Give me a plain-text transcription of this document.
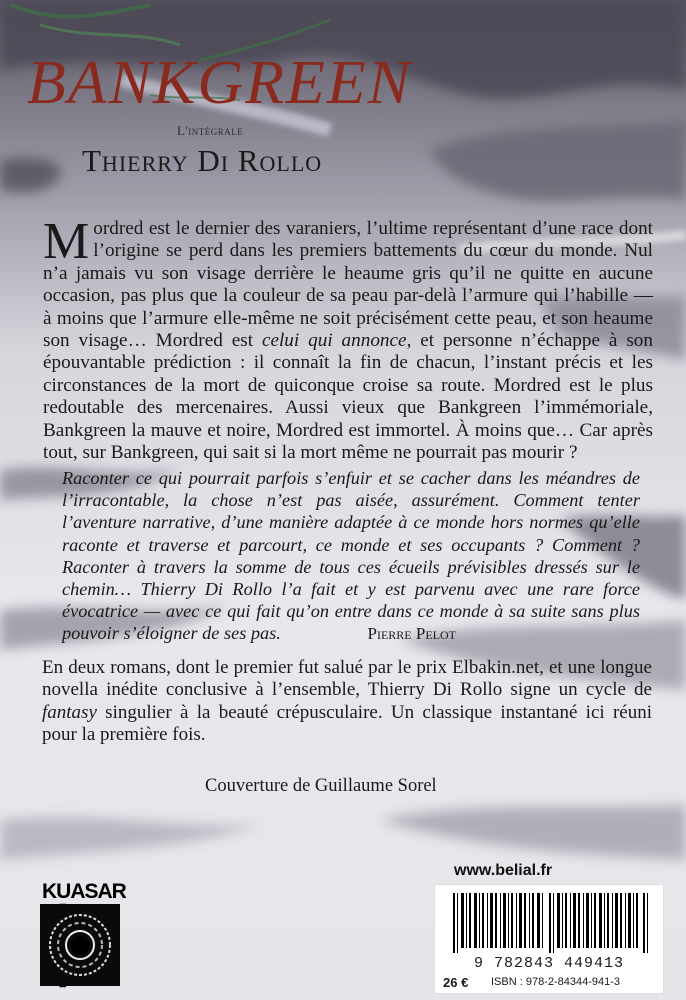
BANKGREEN
L'intégrale
Thierry Di Rollo
Mordred est le dernier des varaniers, l’ultime représentant d’une race dont l’origine se perd dans les premiers battements du cœur du monde. Nul n’a jamais vu son visage derrière le heaume gris qu’il ne quitte en aucune occasion, pas plus que la couleur de sa peau par-delà l’armure qui l’habille — à moins que l’armure elle-même ne soit précisément cette peau, et son heaume son visage… Mordred est celui qui annonce, et personne n’échappe à son épouvantable prédiction : il connaît la fin de chacun, l’instant précis et les circonstances de la mort de quiconque croise sa route. Mordred est le plus redoutable des mercenaires. Aussi vieux que Bankgreen l’immémoriale, Bankgreen la mauve et noire, Mordred est immortel. À moins que… Car après tout, sur Bankgreen, qui sait si la mort même ne pourrait pas mourir ?
Raconter ce qui pourrait parfois s’enfuir et se cacher dans les méandres de l’irracontable, la chose n’est pas aisée, assurément. Comment tenter l’aventure narrative, d’une manière adaptée à ce monde hors normes qu’elle raconte et traverse et parcourt, ce monde et ses occupants ? Comment ? Raconter à travers la somme de tous ces écueils prévisibles dressés sur le chemin… Thierry Di Rollo l’a fait et y est parvenu avec une rare force évocatrice — avec ce qui fait qu’on entre dans ce monde à sa suite sans plus pouvoir s’éloigner de ses pas.	Pierre Pelot
En deux romans, dont le premier fut salué par le prix Elbakin.net, et une longue novella inédite conclusive à l’ensemble, Thierry Di Rollo signe un cycle de fantasy singulier à la beauté crépusculaire. Un classique instantané ici réuni pour la première fois.
Couverture de Guillaume Sorel
KUASAR
www.belial.fr
9 782843 449413
26 € ISBN : 978-2-84344-941-3
